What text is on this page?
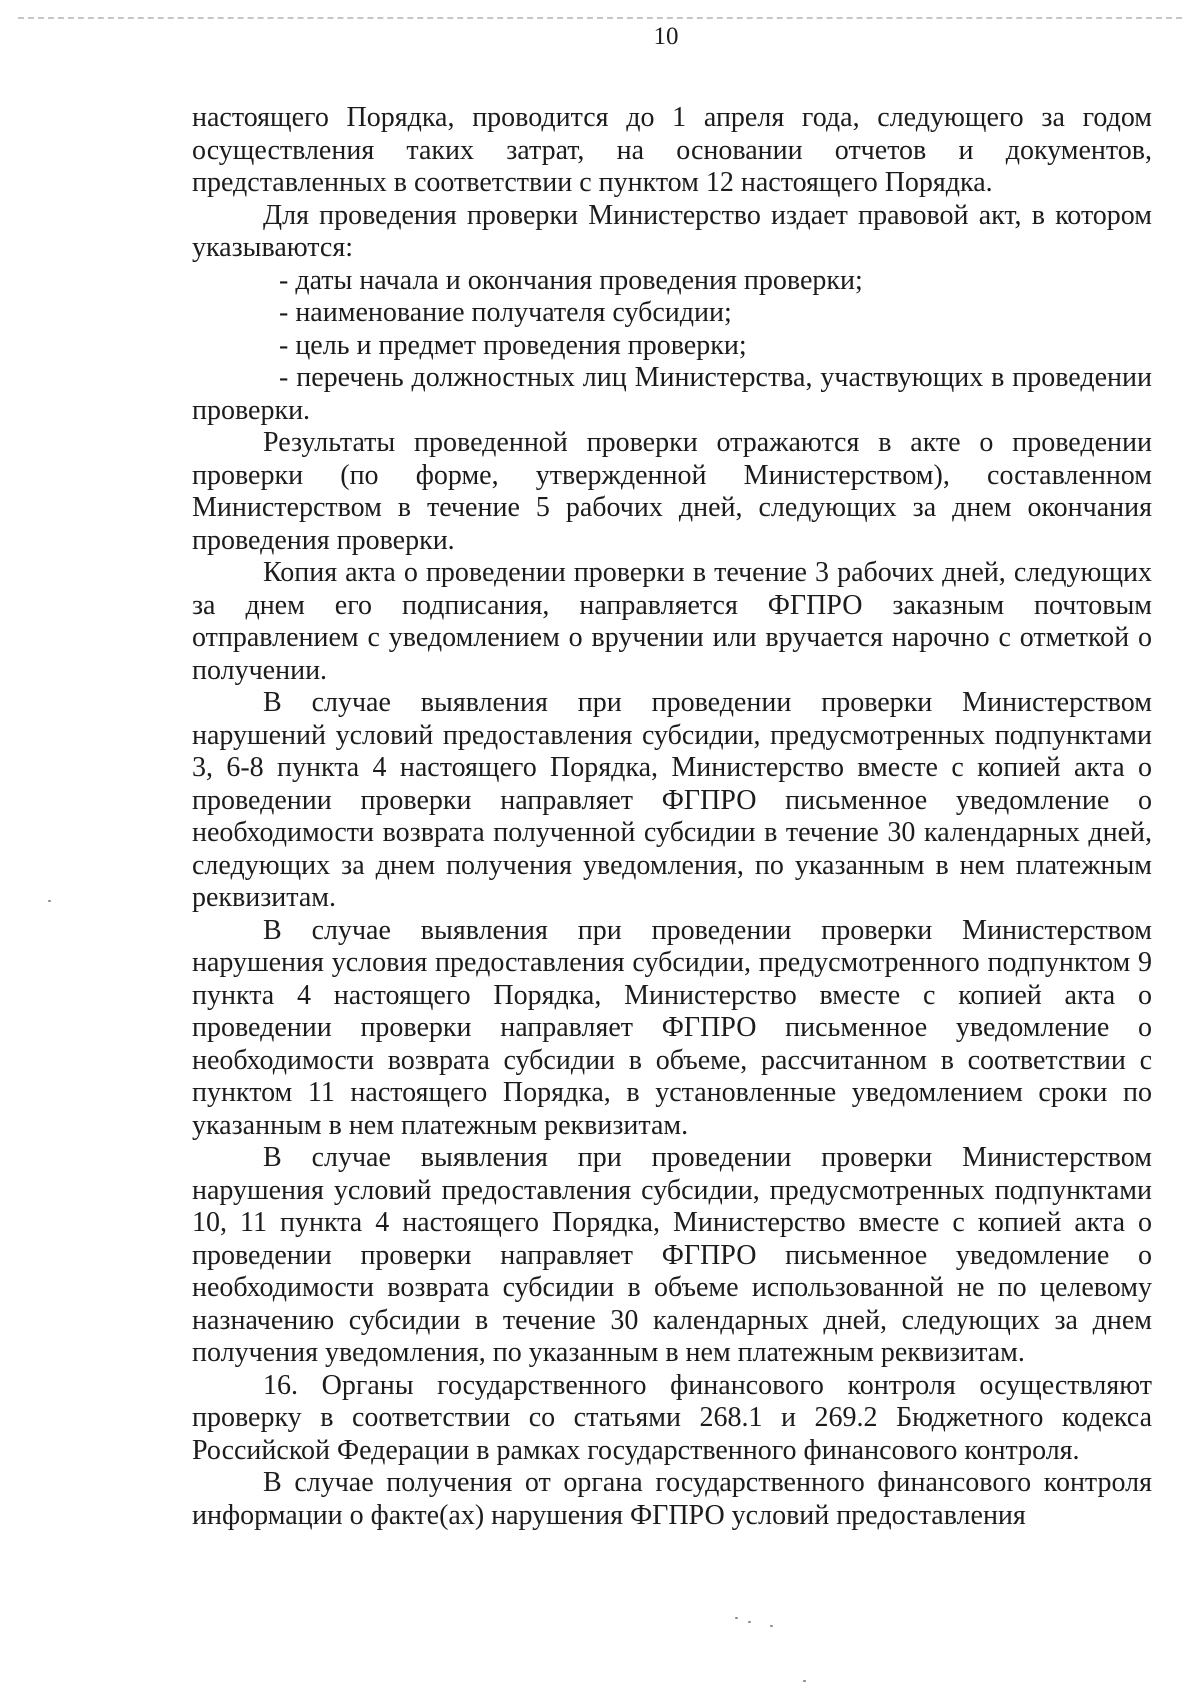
10

настоящего Порядка, проводится до 1 апреля года, следующего за годом осуществления таких затрат, на основании отчетов и документов, представленных в соответствии с пунктом 12 настоящего Порядка.

Для проведения проверки Министерство издает правовой акт, в котором указываются:

- даты начала и окончания проведения проверки;

- наименование получателя субсидии;

- цель и предмет проведения проверки;

- перечень должностных лиц Министерства, участвующих в проведении проверки.

Результаты проведенной проверки отражаются в акте о проведении проверки (по форме, утвержденной Министерством), составленном Министерством в течение 5 рабочих дней, следующих за днем окончания проведения проверки.

Копия акта о проведении проверки в течение 3 рабочих дней, следующих за днем его подписания, направляется ФГПРО заказным почтовым отправлением с уведомлением о вручении или вручается нарочно с отметкой о получении.

В случае выявления при проведении проверки Министерством нарушений условий предоставления субсидии, предусмотренных подпунктами 3, 6-8 пункта 4 настоящего Порядка, Министерство вместе с копией акта о проведении проверки направляет ФГПРО письменное уведомление о необходимости возврата полученной субсидии в течение 30 календарных дней, следующих за днем получения уведомления, по указанным в нем платежным реквизитам.

В случае выявления при проведении проверки Министерством нарушения условия предоставления субсидии, предусмотренного подпунктом 9 пункта 4 настоящего Порядка, Министерство вместе с копией акта о проведении проверки направляет ФГПРО письменное уведомление о необходимости возврата субсидии в объеме, рассчитанном в соответствии с пунктом 11 настоящего Порядка, в установленные уведомлением сроки по указанным в нем платежным реквизитам.

В случае выявления при проведении проверки Министерством нарушения условий предоставления субсидии, предусмотренных подпунктами 10, 11 пункта 4 настоящего Порядка, Министерство вместе с копией акта о проведении проверки направляет ФГПРО письменное уведомление о необходимости возврата субсидии в объеме использованной не по целевому назначению субсидии в течение 30 календарных дней, следующих за днем получения уведомления, по указанным в нем платежным реквизитам.

16. Органы государственного финансового контроля осуществляют проверку в соответствии со статьями 268.1 и 269.2 Бюджетного кодекса Российской Федерации в рамках государственного финансового контроля.

В случае получения от органа государственного финансового контроля информации о факте(ах) нарушения ФГПРО условий предоставления
